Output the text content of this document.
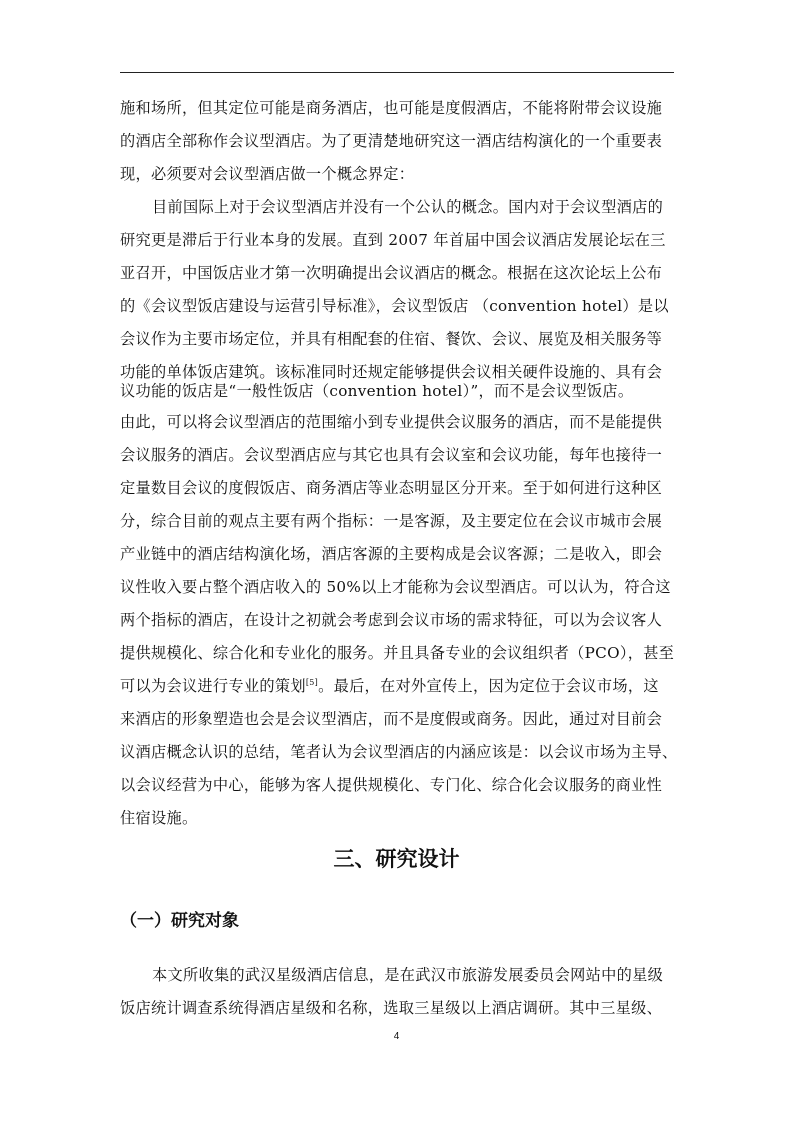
施和场所，但其定位可能是商务酒店，也可能是度假酒店，不能将附带会议设施
的酒店全部称作会议型酒店。为了更清楚地研究这一酒店结构演化的一个重要表
现，必须要对会议型酒店做一个概念界定：
目前国际上对于会议型酒店并没有一个公认的概念。国内对于会议型酒店的
研究更是滞后于行业本身的发展。直到 2007 年首届中国会议酒店发展论坛在三
亚召开，中国饭店业才第一次明确提出会议酒店的概念。根据在这次论坛上公布
的《会议型饭店建设与运营引导标准》，会议型饭店 （convention hotel）是以
会议作为主要市场定位，并具有相配套的住宿、餐饮、会议、展览及相关服务等
功能的单体饭店建筑。该标准同时还规定能够提供会议相关硬件设施的、具有会
议功能的饭店是“一般性饭店（convention hotel）”，而不是会议型饭店。
由此，可以将会议型酒店的范围缩小到专业提供会议服务的酒店，而不是能提供
会议服务的酒店。会议型酒店应与其它也具有会议室和会议功能，每年也接待一
定量数目会议的度假饭店、商务酒店等业态明显区分开来。至于如何进行这种区
分，综合目前的观点主要有两个指标：一是客源，及主要定位在会议市城市会展
产业链中的酒店结构演化场，酒店客源的主要构成是会议客源；二是收入，即会
议性收入要占整个酒店收入的 50%以上才能称为会议型酒店。可以认为，符合这
两个指标的酒店，在设计之初就会考虑到会议市场的需求特征，可以为会议客人
提供规模化、综合化和专业化的服务。并且具备专业的会议组织者（PCO），甚至
可以为会议进行专业的策划[5]。最后，在对外宣传上，因为定位于会议市场，这
来酒店的形象塑造也会是会议型酒店，而不是度假或商务。因此，通过对目前会
议酒店概念认识的总结，笔者认为会议型酒店的内涵应该是：以会议市场为主导、
以会议经营为中心，能够为客人提供规模化、专门化、综合化会议服务的商业性
住宿设施。
三、研究设计
（一）研究对象
本文所收集的武汉星级酒店信息，是在武汉市旅游发展委员会网站中的星级
饭店统计调查系统得酒店星级和名称，选取三星级以上酒店调研。其中三星级、
4
